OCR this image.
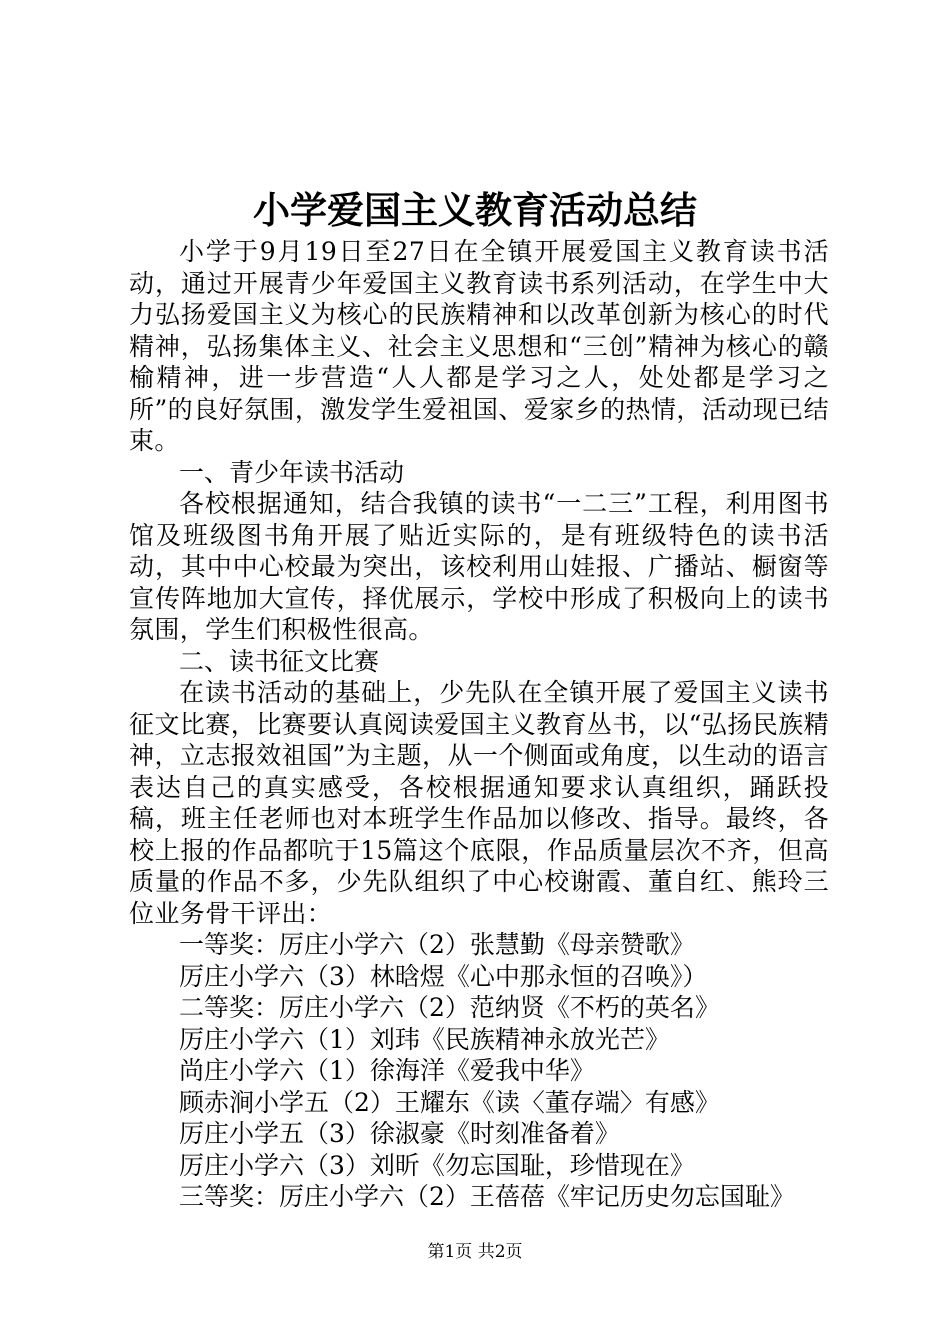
小学爱国主义教育活动总结

小学于9月19日至27日在全镇开展爱国主义教育读书活动，通过开展青少年爱国主义教育读书系列活动，在学生中大力弘扬爱国主义为核心的民族精神和以改革创新为核心的时代精神，弘扬集体主义、社会主义思想和“三创”精神为核心的赣榆精神，进一步营造“人人都是学习之人，处处都是学习之所”的良好氛围，激发学生爱祖国、爱家乡的热情，活动现已结束。

一、青少年读书活动

各校根据通知，结合我镇的读书“一二三”工程，利用图书馆及班级图书角开展了贴近实际的，是有班级特色的读书活动，其中中心校最为突出，该校利用山娃报、广播站、橱窗等宣传阵地加大宣传，择优展示，学校中形成了积极向上的读书氛围，学生们积极性很高。

二、读书征文比赛

在读书活动的基础上，少先队在全镇开展了爱国主义读书征文比赛，比赛要认真阅读爱国主义教育丛书，以“弘扬民族精神，立志报效祖国”为主题，从一个侧面或角度，以生动的语言表达自己的真实感受，各校根据通知要求认真组织，踊跃投稿，班主任老师也对本班学生作品加以修改、指导。最终，各校上报的作品都吭于15篇这个底限，作品质量层次不齐，但高质量的作品不多，少先队组织了中心校谢霞、董自红、熊玲三位业务骨干评出：

一等奖：厉庄小学六（2）张慧勤《母亲赞歌》

厉庄小学六（3）林晗煜《心中那永恒的召唤》）

二等奖：厉庄小学六（2）范纳贤《不朽的英名》

厉庄小学六（1）刘玮《民族精神永放光芒》

尚庄小学六（1）徐海洋《爱我中华》

顾赤涧小学五（2）王耀东《读〈董存端〉有感》

厉庄小学五（3）徐淑豪《时刻准备着》

厉庄小学六（3）刘昕《勿忘国耻，珍惜现在》

三等奖：厉庄小学六（2）王蓓蓓《牢记历史勿忘国耻》

第1页 共2页
